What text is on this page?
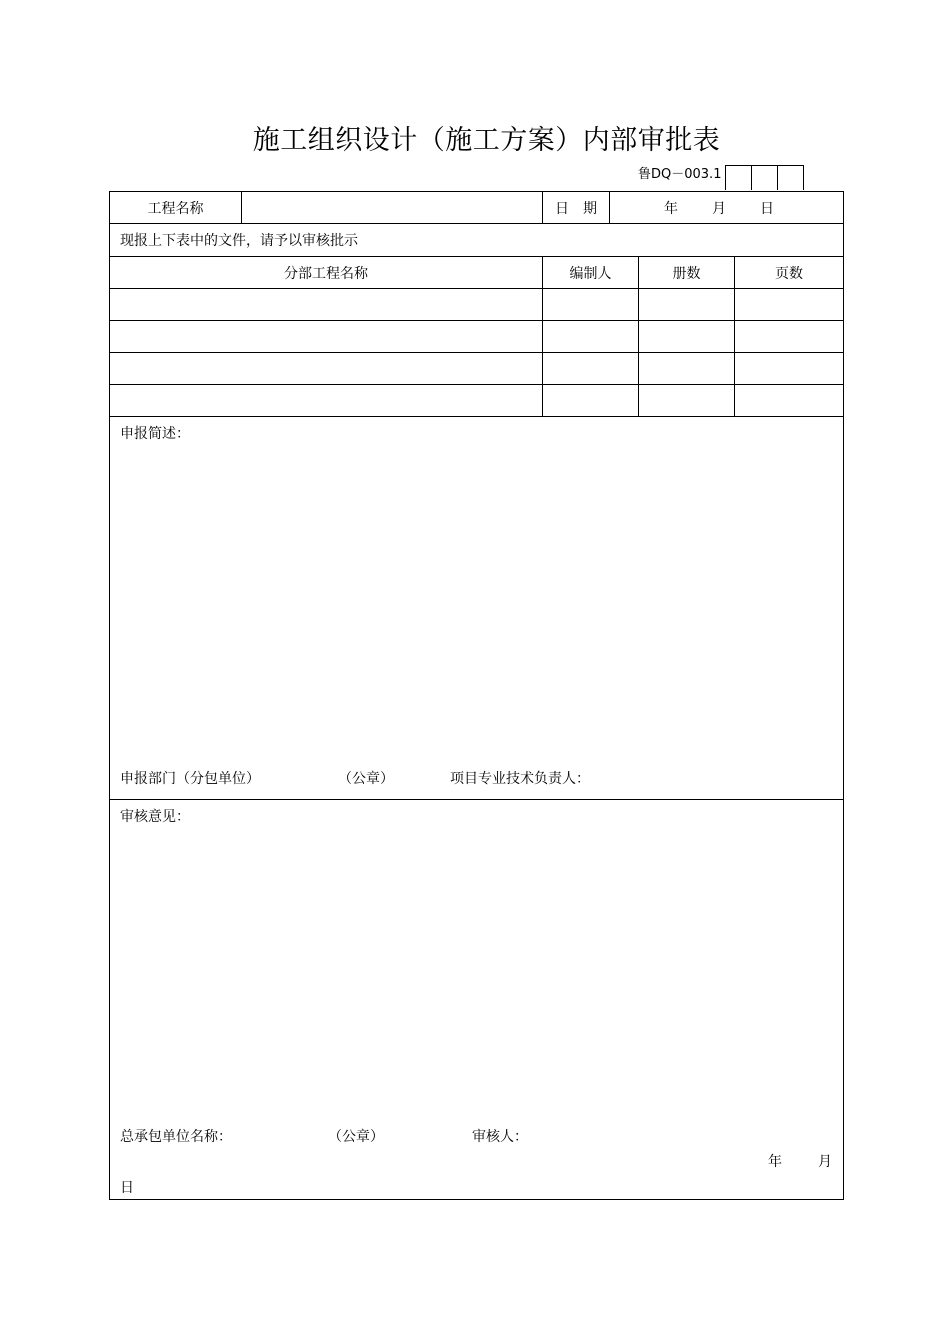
施工组织设计（施工方案）内部审批表
鲁DQ－003.1
工程名称		日　期	年 月 日		
现报上下表中的文件，请予以审核批示					
分部工程名称		编制人		册数	页数

申报简述：
申报部门（分包单位） （公章） 项目专业技术负责人：					

审核意见：
总承包单位名称： （公章） 审核人：
年 月
日					
